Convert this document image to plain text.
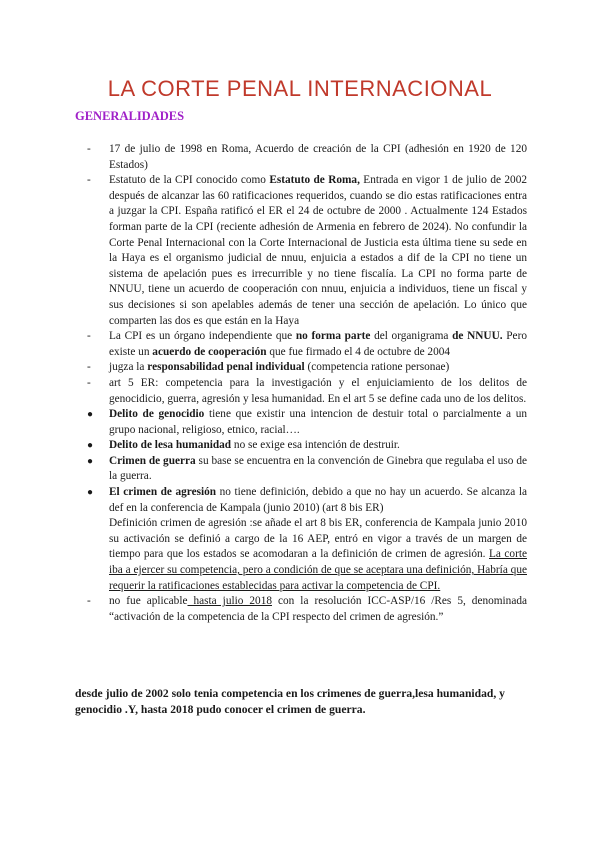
LA CORTE PENAL INTERNACIONAL
GENERALIDADES
-	17 de julio de 1998 en Roma, Acuerdo de creación de la CPI (adhesión en 1920 de 120 Estados)

-	Estatuto de la CPI conocido como Estatuto de Roma, Entrada en vigor 1 de julio de 2002 después de alcanzar las 60 ratificaciones requeridos, cuando se dio estas ratificaciones entra a juzgar la CPI. España ratificó el ER el 24 de octubre de 2000 . Actualmente 124 Estados forman parte de la CPI (reciente adhesión de Armenia en febrero de 2024). No confundir la Corte Penal Internacional con la Corte Internacional de Justicia esta última tiene su sede en la Haya es el organismo judicial de nnuu, enjuicia a estados a dif de la CPI no tiene un sistema de apelación pues es irrecurrible y no tiene fiscalía. La CPI no forma parte de NNUU, tiene un acuerdo de cooperación con nnuu, enjuicia a individuos, tiene un fiscal y sus decisiones si son apelables además de tener una sección de apelación. Lo único que comparten las dos es que están en la Haya

-	La CPI es un órgano independiente que no forma parte del organigrama de NNUU. Pero existe un acuerdo de cooperación que fue firmado el 4 de octubre de 2004

-	jugza la responsabilidad penal individual (competencia ratione personae)

-	art 5 ER: competencia para la investigación y el enjuiciamiento de los delitos de genocidicio, guerra, agresión y lesa humanidad. En el art 5 se define cada uno de los delitos.

●	Delito de genocidio tiene que existir una intencion de destuir total o parcialmente a un grupo nacional, religioso, etnico, racial….

●	Delito de lesa humanidad no se exige esa intención de destruir.

●	Crimen de guerra su base se encuentra en la convención de Ginebra que regulaba el uso de la guerra.

●	El crimen de agresión no tiene definición, debido a que no hay un acuerdo. Se alcanza la def en la conferencia de Kampala (junio 2010) (art 8 bis ER)

Definición crimen de agresión :se añade el art 8 bis ER, conferencia de Kampala junio 2010 su activación se definió a cargo de la 16 AEP, entró en vigor a través de un margen de tiempo para que los estados se acomodaran a la definición de crimen de agresión. La corte iba a ejercer su competencia, pero a condición de que se aceptara una definición, Habría que requerir la ratificaciones establecidas para activar la competencia de CPI.

-	no fue aplicable hasta julio 2018 con la resolución ICC-ASP/16 /Res 5, denominada “activación de la competencia de la CPI respecto del crimen de agresión.”

desde julio de 2002 solo tenia competencia en los crimenes de guerra,lesa humanidad, y genocidio .Y, hasta 2018 pudo conocer el crimen de guerra.
